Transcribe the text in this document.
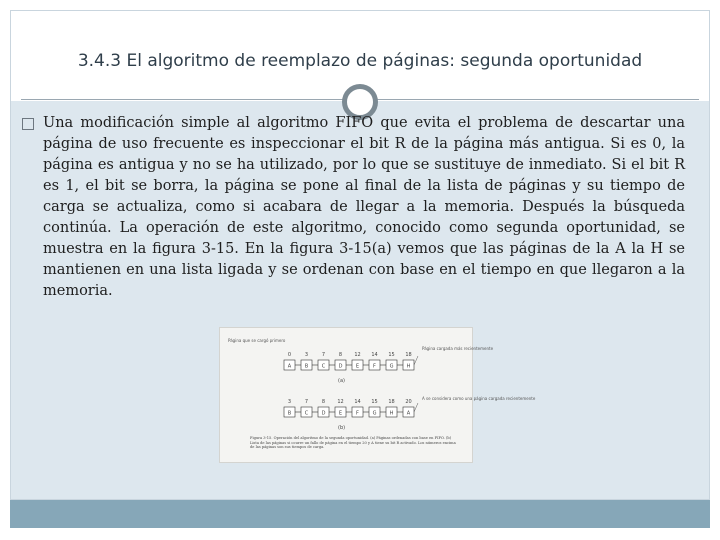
3.4.3 El algoritmo de reemplazo de páginas: segunda oportunidad
Una modificación simple al algoritmo FIFO que evita el problema de descartar una página de uso frecuente es inspeccionar el bit R de la página más antigua. Si es 0, la página es antigua y no se ha utilizado, por lo que se sustituye de inmediato. Si el bit R es 1, el bit se borra, la página se pone al final de la lista de páginas y su tiempo de carga se actualiza, como si acabara de llegar a la memoria. Después la búsqueda continúa. La operación de este algoritmo, conocido como segunda oportunidad, se muestra en la figura 3-15. En la figura 3-15(a) vemos que las páginas de la A la H se mantienen en una lista ligada y se ordenan con base en el tiempo en que llegaron a la memoria.
Página que se cargó primero
0
A
3
B
7
C
8
D
12
E
14
F
15
G
18
H
Página cargada más recientemente
(a)
3
B
7
C
8
D
12
E
14
F
15
G
18
H
20
A
A se considera como una página cargada recientemente
(b)
Figura 3-15. Operación del algoritmo de la segunda oportunidad. (a) Páginas ordenadas con base en FIFO. (b) Lista de las páginas si ocurre un fallo de página en el tiempo 20 y A tiene su bit R activado. Los números encima de las páginas son sus tiempos de carga.
